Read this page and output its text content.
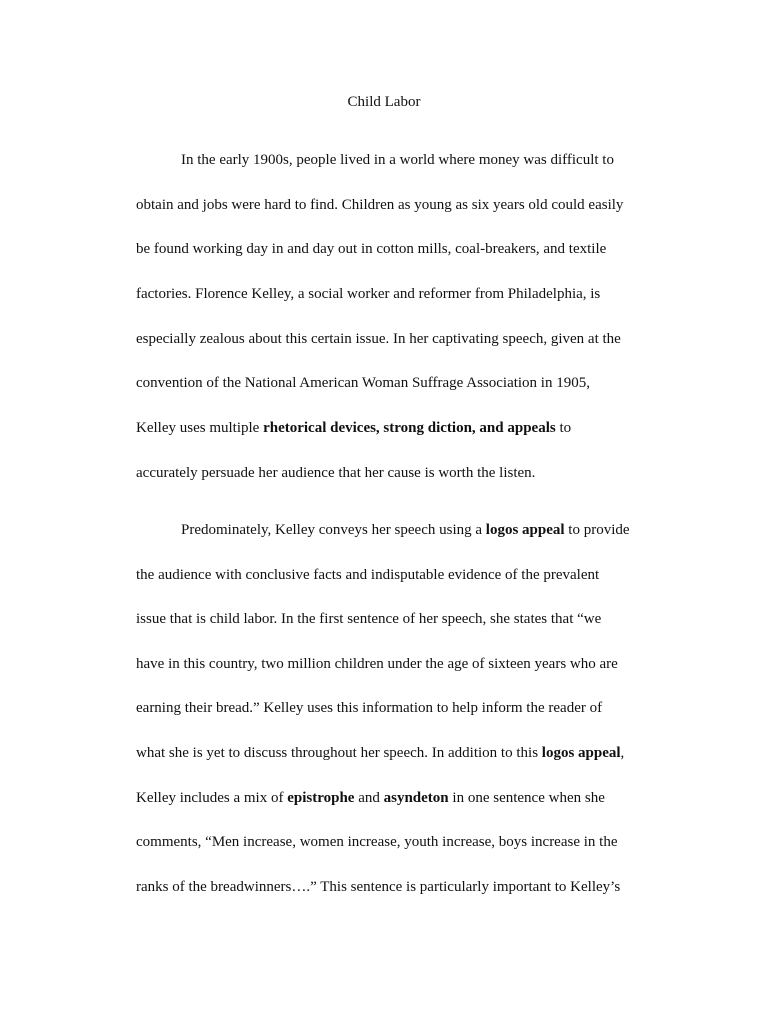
Child Labor
In the early 1900s, people lived in a world where money was difficult to
obtain and jobs were hard to find. Children as young as six years old could easily
be found working day in and day out in cotton mills, coal-breakers, and textile
factories. Florence Kelley, a social worker and reformer from Philadelphia, is
especially zealous about this certain issue. In her captivating speech, given at the
convention of the National American Woman Suffrage Association in 1905,
Kelley uses multiple rhetorical devices, strong diction, and appeals to
accurately persuade her audience that her cause is worth the listen.
Predominately, Kelley conveys her speech using a logos appeal to provide
the audience with conclusive facts and indisputable evidence of the prevalent
issue that is child labor. In the first sentence of her speech, she states that “we
have in this country, two million children under the age of sixteen years who are
earning their bread.” Kelley uses this information to help inform the reader of
what she is yet to discuss throughout her speech. In addition to this logos appeal,
Kelley includes a mix of epistrophe and asyndeton in one sentence when she
comments, “Men increase, women increase, youth increase, boys increase in the
ranks of the breadwinners….” This sentence is particularly important to Kelley’s
